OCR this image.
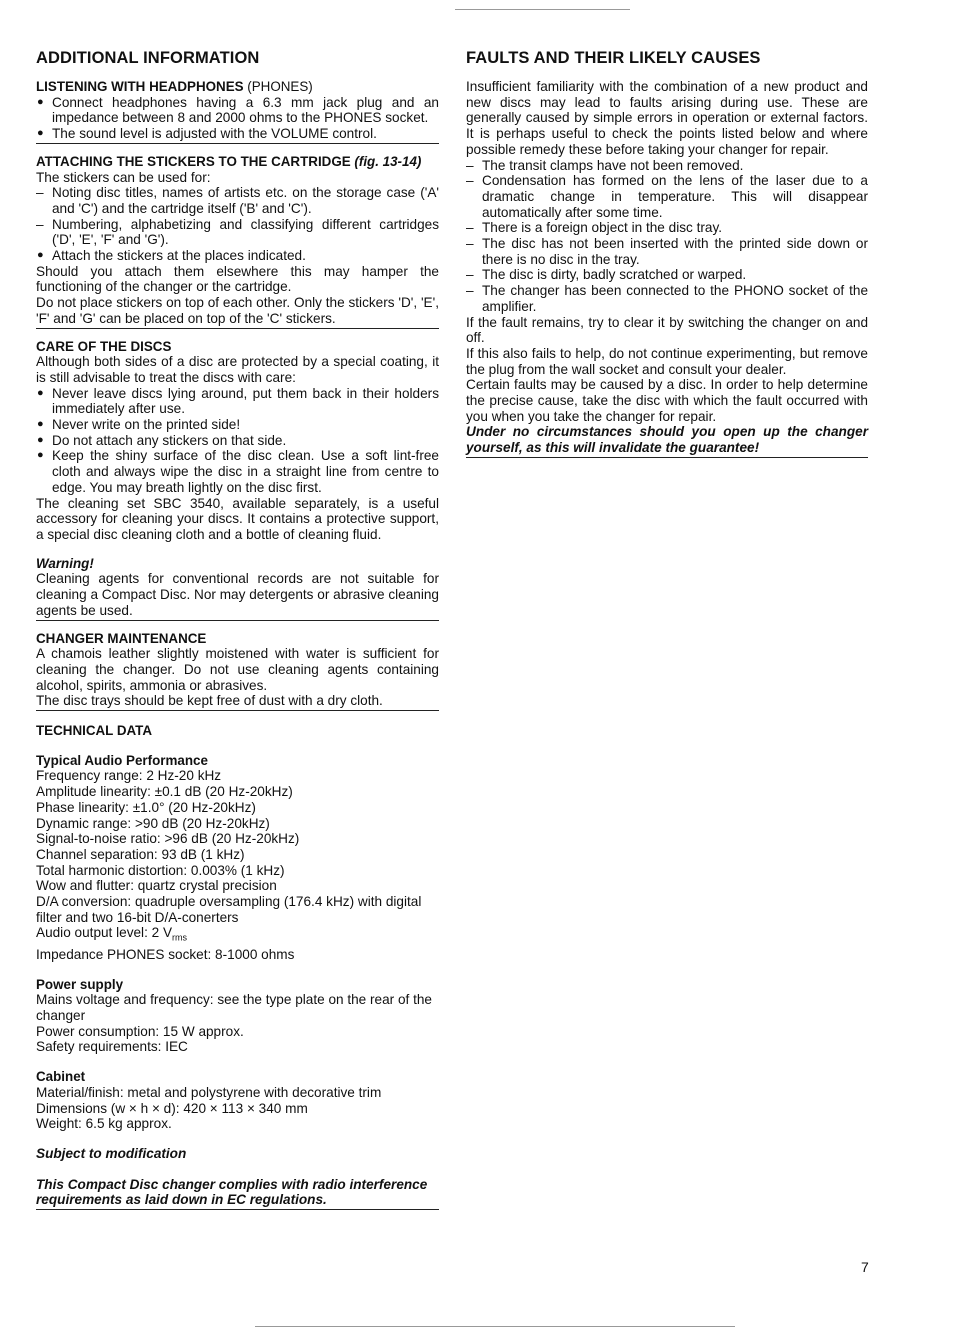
ADDITIONAL INFORMATION
LISTENING WITH HEADPHONES (PHONES)
● Connect headphones having a 6.3 mm jack plug and an impedance between 8 and 2000 ohms to the PHONES socket.
● The sound level is adjusted with the VOLUME control.
ATTACHING THE STICKERS TO THE CARTRIDGE (fig. 13-14)

The stickers can be used for:

– Noting disc titles, names of artists etc. on the storage case ('A' and 'C') and the cartridge itself ('B' and 'C').
– Numbering, alphabetizing and classifying different cartridges ('D', 'E', 'F' and 'G').
● Attach the stickers at the places indicated.

Should you attach them elsewhere this may hamper the functioning of the changer or the cartridge.

Do not place stickers on top of each other. Only the stickers 'D', 'E', 'F' and 'G' can be placed on top of the 'C' stickers.

CARE OF THE DISCS

Although both sides of a disc are protected by a special coating, it is still advisable to treat the discs with care:

● Never leave discs lying around, put them back in their holders immediately after use.
● Never write on the printed side!
● Do not attach any stickers on that side.
● Keep the shiny surface of the disc clean. Use a soft lint-free cloth and always wipe the disc in a straight line from centre to edge. You may breath lightly on the disc first.

The cleaning set SBC 3540, available separately, is a useful accessory for cleaning your discs. It contains a protective support, a special disc cleaning cloth and a bottle of cleaning fluid.

Warning!

Cleaning agents for conventional records are not suitable for cleaning a Compact Disc. Nor may detergents or abrasive cleaning agents be used.

CHANGER MAINTENANCE

A chamois leather slightly moistened with water is sufficient for cleaning the changer. Do not use cleaning agents containing alcohol, spirits, ammonia or abrasives.

The disc trays should be kept free of dust with a dry cloth.

TECHNICAL DATA
Typical Audio Performance

Frequency range: 2 Hz-20 kHz

Amplitude linearity: ±0.1 dB (20 Hz-20kHz)

Phase linearity: ±1.0° (20 Hz-20kHz)

Dynamic range: >90 dB (20 Hz-20kHz)

Signal-to-noise ratio: >96 dB (20 Hz-20kHz)

Channel separation: 93 dB (1 kHz)

Total harmonic distortion: 0.003% (1 kHz)

Wow and flutter: quartz crystal precision

D/A conversion: quadruple oversampling (176.4 kHz) with digital filter and two 16-bit D/A-conerters

Audio output level: 2 $V_{rms}$

Impedance PHONES socket: 8-1000 ohms

Power supply

Mains voltage and frequency: see the type plate on the rear of the changer

Power consumption: 15 W approx.

Safety requirements: IEC

Cabinet

Material/finish: metal and polystyrene with decorative trim

Dimensions (w × h × d): 420 × 113 × 340 mm

Weight: 6.5 kg approx.

Subject to modification

This Compact Disc changer complies with radio interference requirements as laid down in EC regulations.

FAULTS AND THEIR LIKELY CAUSES

Insufficient familiarity with the combination of a new product and new discs may lead to faults arising during use. These are generally caused by simple errors in operation or external factors. It is perhaps useful to check the points listed below and where possible remedy these before taking your changer for repair.

– The transit clamps have not been removed.
– Condensation has formed on the lens of the laser due to a dramatic change in temperature. This will disappear automatically after some time.
– There is a foreign object in the disc tray.
– The disc has not been inserted with the printed side down or there is no disc in the tray.
– The disc is dirty, badly scratched or warped.
– The changer has been connected to the PHONO socket of the amplifier.

If the fault remains, try to clear it by switching the changer on and off.

If this also fails to help, do not continue experimenting, but remove the plug from the wall socket and consult your dealer.

Certain faults may be caused by a disc. In order to help determine the precise cause, take the disc with which the fault occurred with you when you take the changer for repair.

Under no circumstances should you open up the changer yourself, as this will invalidate the guarantee!

7
